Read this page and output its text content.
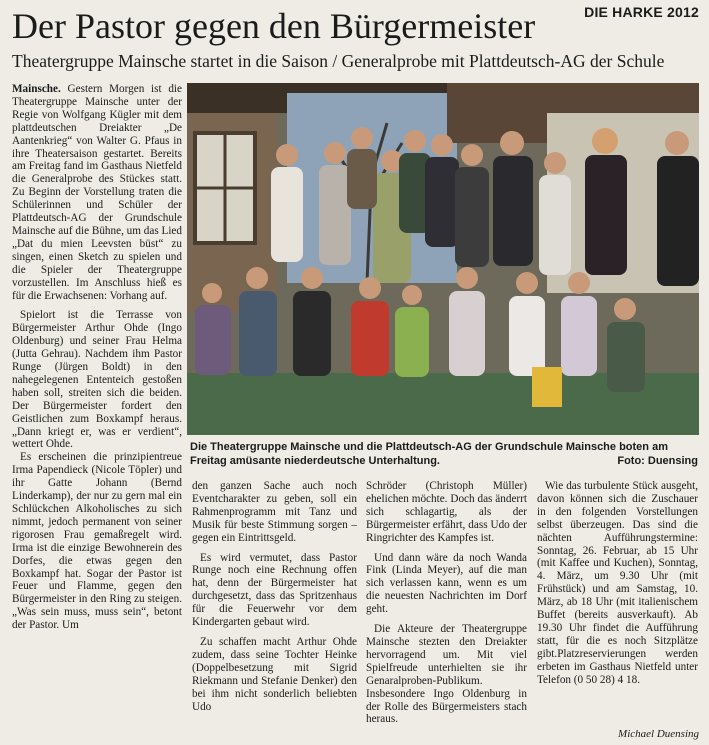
DIE HARKE 2012
Der Pastor gegen den Bürgermeister
Theatergruppe Mainsche startet in die Saison / Generalprobe mit Plattdeutsch-AG der Schule

Mainsche. Gestern Morgen ist die Theatergruppe Mainsche unter der Regie von Wolfgang Kügler mit dem plattdeutschen Dreiakter „De Aantenkrieg“ von Walter G. Pfaus in ihre Theatersaison gestartet. Bereits am Freitag fand im Gasthaus Nietfeld die Generalprobe des Stückes statt. Zu Beginn der Vorstellung traten die Schülerinnen und Schüler der Plattdeutsch-AG der Grundschule Mainsche auf die Bühne, um das Lied „Dat du mien Leevsten büst“ zu singen, einen Sketch zu spielen und die Spieler der Theatergruppe vorzustellen. Im Anschluss hieß es für die Erwachsenen: Vorhang auf.

Spielort ist die Terrasse von Bürgermeister Arthur Ohde (Ingo Oldenburg) und seiner Frau Helma (Jutta Gehrau). Nachdem ihm Pastor Runge (Jürgen Boldt) in den nahegelegenen Ententeich gestoßen haben soll, streiten sich die beiden. Der Bürgermeister fordert den Geistlichen zum Boxkampf heraus. „Dann kriegt er, was er verdient“, wettert Ohde.

Es erscheinen die prinzipientreue Irma Papendieck (Nicole Töpler) und ihr Gatte Johann (Bernd Linderkamp), der nur zu gern mal ein Schlückchen Alkoholisches zu sich nimmt, jedoch permanent von seiner rigorosen Frau gemaßregelt wird. Irma ist die einzige Bewohnerein des Dorfes, die etwas gegen den Boxkampf hat. Sogar der Pastor ist Feuer und Flamme, gegen den Bürgermeister in den Ring zu steigen. „Was sein muss, muss sein“, betont der Pastor. Um

Die Theatergruppe Mainsche und die Plattdeutsch-AG der Grundschule Mainsche boten am Freitag amüsante niederdeutsche Unterhaltung.	Foto: Duensing

den ganzen Sache auch noch Eventcharakter zu geben, soll ein Rahmenprogramm mit Tanz und Musik für beste Stimmung sorgen – gegen ein Eintrittsgeld.

Es wird vermutet, dass Pastor Runge noch eine Rechnung offen hat, denn der Bürgermeister hat durchgesetzt, dass das Spritzenhaus für die Feuerwehr vor dem Kindergarten gebaut wird.

Zu schaffen macht Arthur Ohde zudem, dass seine Tochter Heinke (Doppelbesetzung mit Sigrid Riekmann und Stefanie Denker) den bei ihm nicht sonderlich beliebten Udo

Schröder (Christoph Müller) ehelichen möchte. Doch das änderrt sich schlagartig, als der Bürgermeister erfährt, dass Udo der Ringrichter des Kampfes ist.

Und dann wäre da noch Wanda Fink (Linda Meyer), auf die man sich verlassen kann, wenn es um die neuesten Nachrichten im Dorf geht.

Die Akteure der Theatergruppe Mainsche stezten den Dreiakter hervorragend um. Mit viel Spielfreude unterhielten sie ihr Genaralproben-Publikum. Insbesondere Ingo Oldenburg in der Rolle des Bürgermeisters stach heraus.

Wie das turbulente Stück ausgeht, davon können sich die Zuschauer in den folgenden Vorstellungen selbst überzeugen. Das sind die nächten Aufführungstermine: Sonntag, 26. Februar, ab 15 Uhr (mit Kaffee und Kuchen), Sonntag, 4. März, um 9.30 Uhr (mit Frühstück) und am Samstag, 10. März, ab 18 Uhr (mit italienischem Buffet (bereits ausverkauft). Ab 19.30 Uhr findet die Aufführung statt, für die es noch Sitzplätze gibt.Platzreservierungen werden erbeten im Gasthaus Nietfeld unter Telefon (0 50 28) 4 18.

Michael Duensing
